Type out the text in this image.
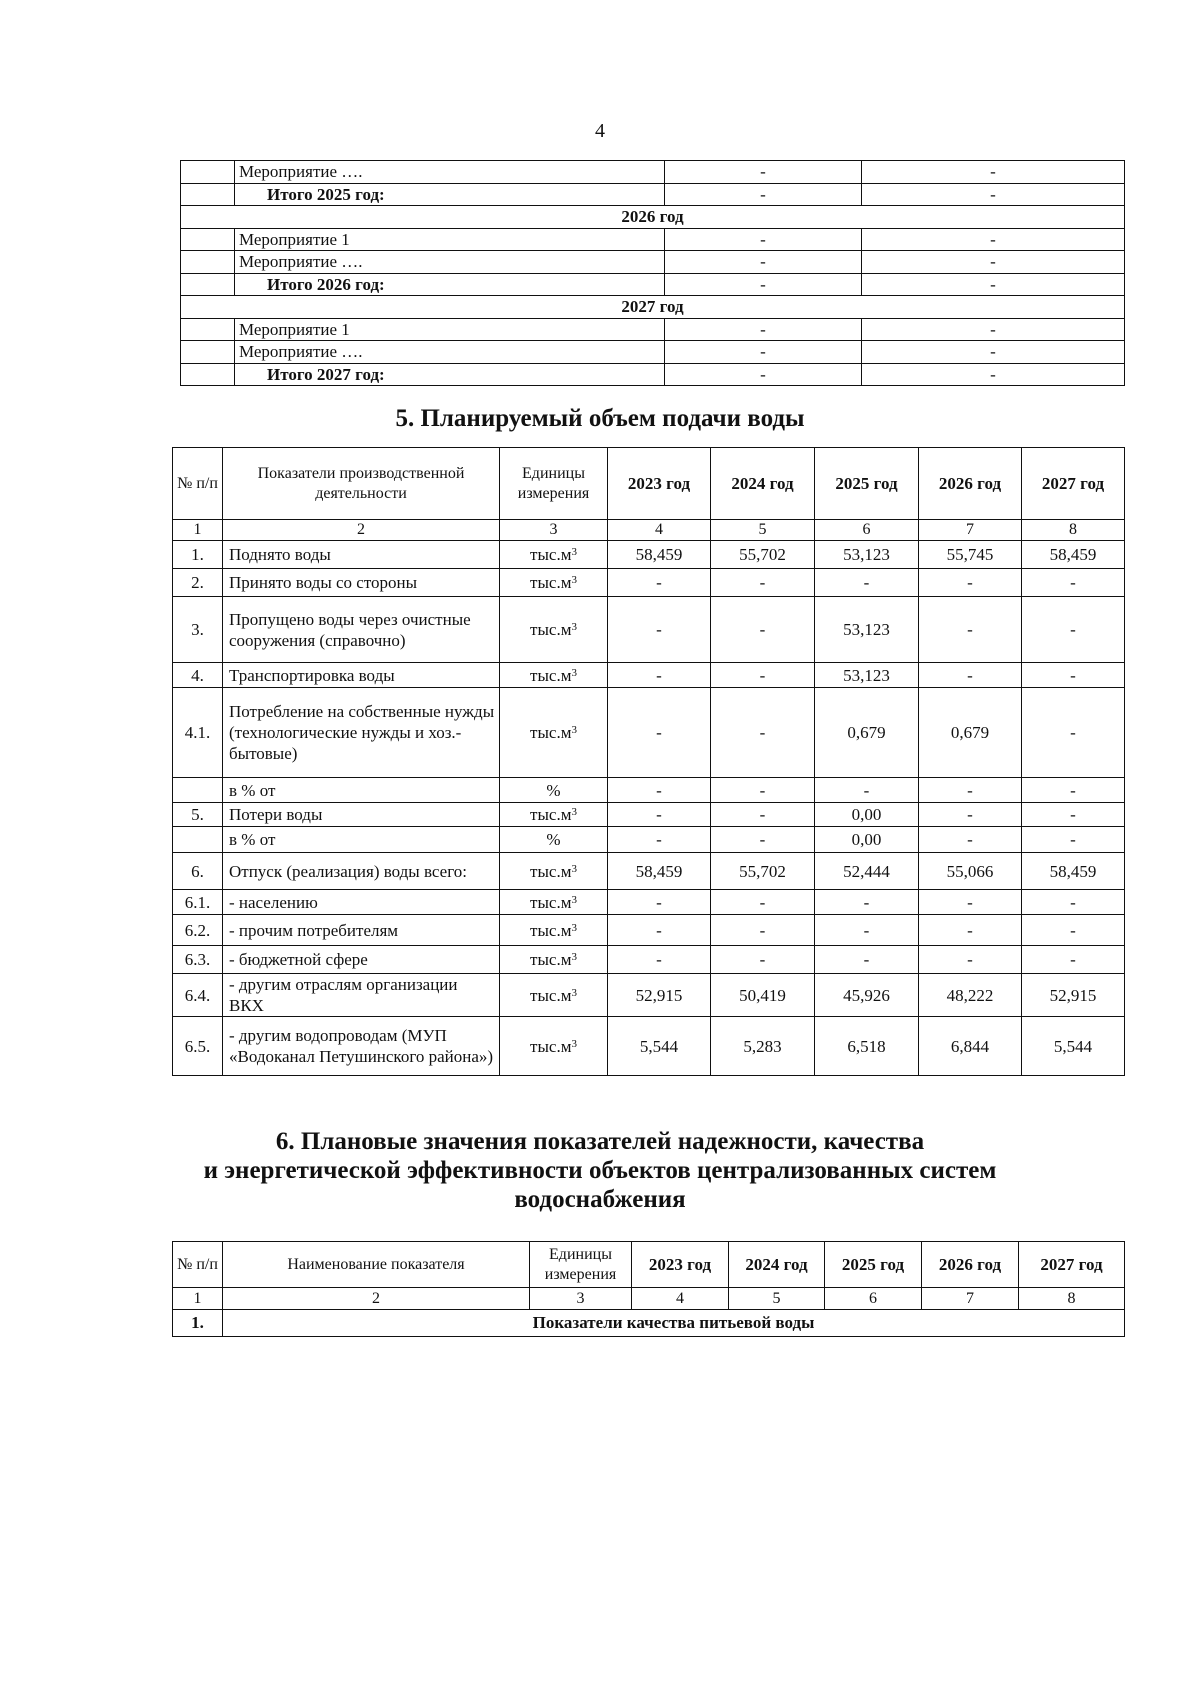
4
	Мероприятие ….	-	-
	Итого 2025 год:	-	-
2026 год			
	Мероприятие 1	-	-
	Мероприятие ….	-	-
	Итого 2026 год:	-	-
2027 год			
	Мероприятие 1	-	-
	Мероприятие ….	-	-
	Итого 2027 год:	-	-
5. Планируемый объем подачи воды
№ п/п	Показатели производственной деятельности	Единицы измерения	2023 год	2024 год	2025 год	2026 год	2027 год
1	2	3	4	5	6	7	8
1.	Поднято воды	$тыс.м^3$	58,459	55,702	53,123	55,745	58,459
2.	Принято воды со стороны	$тыс.м^3$	-	-	-	-	-
3.	Пропущено воды через очистные сооружения (справочно)	$тыс.м^3$	-	-	53,123	-	-
4.	Транспортировка воды	$тыс.м^3$	-	-	53,123	-	-
4.1.	Потребление на собственные нужды (технологические нужды и хоз.-бытовые)	$тыс.м^3$	-	-	0,679	0,679	-
	в % от	%	-	-	-	-	-
5.	Потери воды	$тыс.м^3$	-	-	0,00	-	-
	в % от	%	-	-	0,00	-	-
6.	Отпуск (реализация) воды всего:	$тыс.м^3$	58,459	55,702	52,444	55,066	58,459
6.1.	- населению	$тыс.м^3$	-	-	-	-	-
6.2.	- прочим потребителям	$тыс.м^3$	-	-	-	-	-
6.3.	- бюджетной сфере	$тыс.м^3$	-	-	-	-	-
6.4.	- другим отраслям организации ВКХ	$тыс.м^3$	52,915	50,419	45,926	48,222	52,915
6.5.	- другим водопроводам (МУП «Водоканал Петушинского района»)	$тыс.м^3$	5,544	5,283	6,518	6,844	5,544
6. Плановые значения показателей надежности, качества
и энергетической эффективности объектов централизованных систем
водоснабжения
№ п/п	Наименование показателя	Единицы измерения	2023 год	2024 год	2025 год	2026 год	2027 год
1	2	3	4	5	6	7	8
1.	Показатели качества питьевой воды						
